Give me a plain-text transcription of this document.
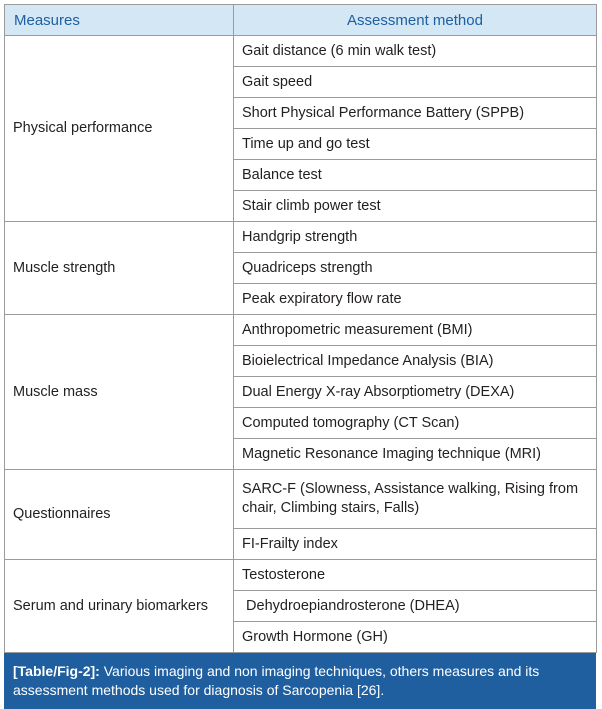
Measures	Assessment method
Physical performance	Gait distance (6 min walk test)
	Gait speed
	Short Physical Performance Battery (SPPB)
	Time up and go test
	Balance test
	Stair climb power test
Muscle strength	Handgrip strength
	Quadriceps strength
	Peak expiratory flow rate
Muscle mass	Anthropometric measurement (BMI)
	Bioielectrical Impedance Analysis (BIA)
	Dual Energy X-ray Absorptiometry (DEXA)
	Computed tomography (CT Scan)
	Magnetic Resonance Imaging technique (MRI)
Questionnaires	SARC-F (Slowness, Assistance walking, Rising from chair, Climbing stairs, Falls)
	FI-Frailty index
Serum and urinary biomarkers	Testosterone
	Dehydroepiandrosterone (DHEA)
	Growth Hormone (GH)
[Table/Fig-2]: Various imaging and non imaging techniques, others measures and its assessment methods used for diagnosis of Sarcopenia [26].
